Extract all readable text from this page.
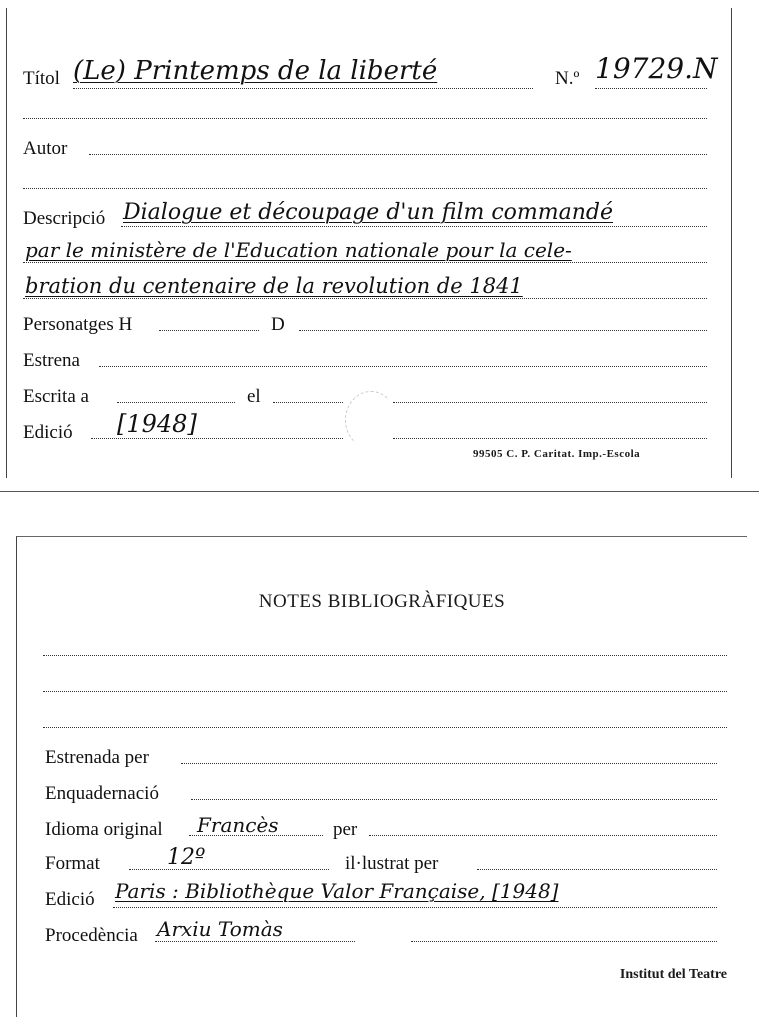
Títol (Le) Printemps de la liberté	N.º 19729.N
Autor
Descripció Dialogue et découpage d'un film commandé
par le ministère de l'Education nationale pour la cele-
bration du centenaire de la revolution de 1841
Personatges H	D
Estrena
Escrita a	el
Edició [1948]
99505 C. P. Caritat. Imp.-Escola
NOTES BIBLIOGRÀFIQUES
Estrenada per
Enquadernació
Idioma original Francès	per
Format	12º	il·lustrat per
Edició Paris : Bibliothèque Valor Française, [1948]
Procedència Arxiu Tomàs
Institut del Teatre
